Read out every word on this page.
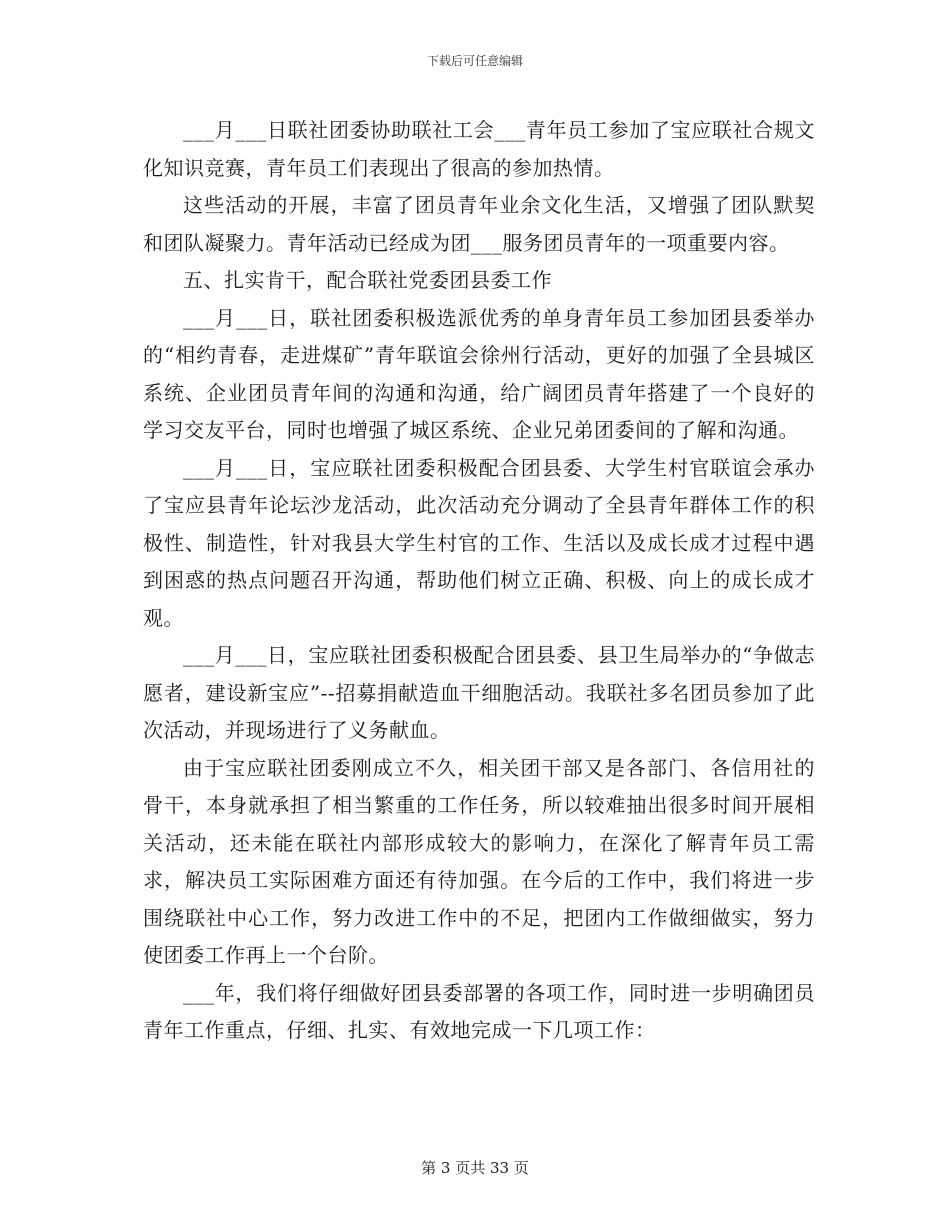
下载后可任意编辑

___月___日联社团委协助联社工会___青年员工参加了宝应联社合规文化知识竞赛，青年员工们表现出了很高的参加热情。

这些活动的开展，丰富了团员青年业余文化生活，又增强了团队默契和团队凝聚力。青年活动已经成为团___服务团员青年的一项重要内容。

五、扎实肯干，配合联社党委团县委工作

___月___日，联社团委积极选派优秀的单身青年员工参加团县委举办的“相约青春，走进煤矿”青年联谊会徐州行活动，更好的加强了全县城区系统、企业团员青年间的沟通和沟通，给广阔团员青年搭建了一个良好的学习交友平台，同时也增强了城区系统、企业兄弟团委间的了解和沟通。

___月___日，宝应联社团委积极配合团县委、大学生村官联谊会承办了宝应县青年论坛沙龙活动，此次活动充分调动了全县青年群体工作的积极性、制造性，针对我县大学生村官的工作、生活以及成长成才过程中遇到困惑的热点问题召开沟通，帮助他们树立正确、积极、向上的成长成才观。

___月___日，宝应联社团委积极配合团县委、县卫生局举办的“争做志愿者，建设新宝应”--招募捐献造血干细胞活动。我联社多名团员参加了此次活动，并现场进行了义务献血。

由于宝应联社团委刚成立不久，相关团干部又是各部门、各信用社的骨干，本身就承担了相当繁重的工作任务，所以较难抽出很多时间开展相关活动，还未能在联社内部形成较大的影响力，在深化了解青年员工需求，解决员工实际困难方面还有待加强。在今后的工作中，我们将进一步围绕联社中心工作，努力改进工作中的不足，把团内工作做细做实，努力使团委工作再上一个台阶。

___年，我们将仔细做好团县委部署的各项工作，同时进一步明确团员青年工作重点，仔细、扎实、有效地完成一下几项工作：

第 3 页共 33 页
